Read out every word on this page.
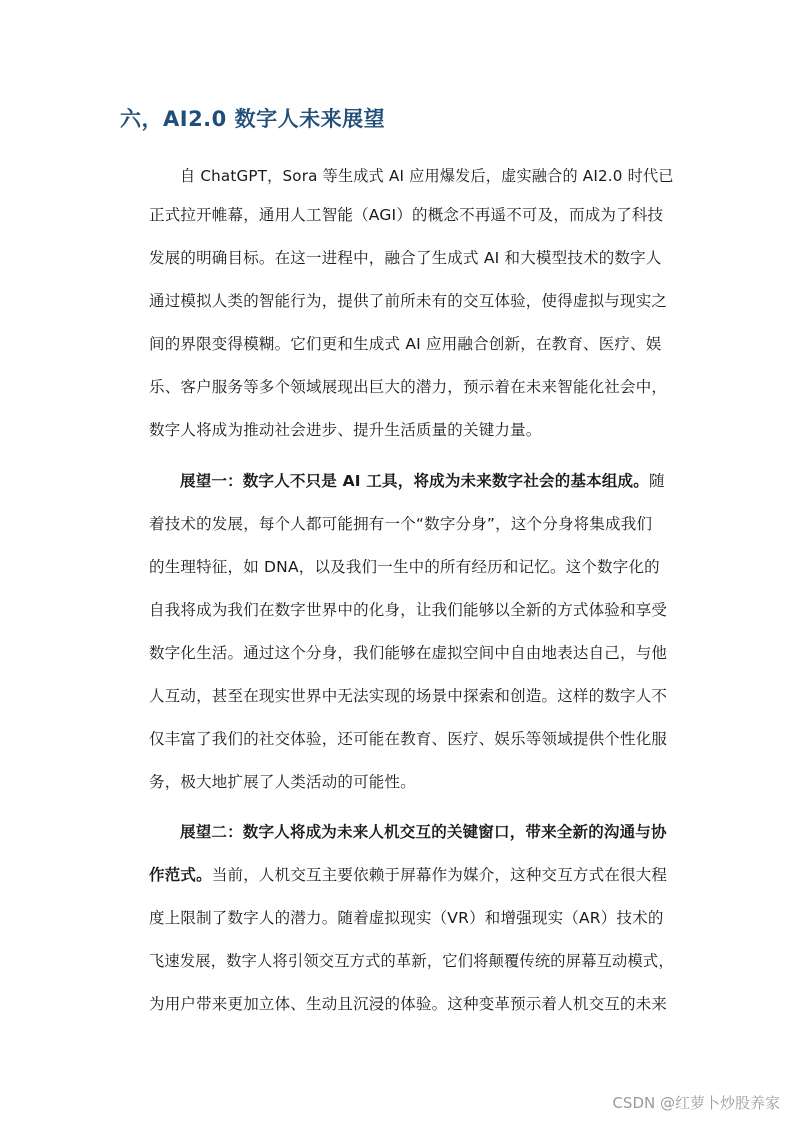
六，AI2.0 数字人未来展望
自 ChatGPT，Sora 等生成式 AI 应用爆发后，虚实融合的 AI2.0 时代已
正式拉开帷幕，通用人工智能（AGI）的概念不再遥不可及，而成为了科技
发展的明确目标。在这一进程中，融合了生成式 AI 和大模型技术的数字人
通过模拟人类的智能行为，提供了前所未有的交互体验，使得虚拟与现实之
间的界限变得模糊。它们更和生成式 AI 应用融合创新，在教育、医疗、娱
乐、客户服务等多个领域展现出巨大的潜力，预示着在未来智能化社会中，
数字人将成为推动社会进步、提升生活质量的关键力量。
展望一：数字人不只是 AI 工具，将成为未来数字社会的基本组成。随
着技术的发展，每个人都可能拥有一个“数字分身”，这个分身将集成我们
的生理特征，如 DNA，以及我们一生中的所有经历和记忆。这个数字化的
自我将成为我们在数字世界中的化身，让我们能够以全新的方式体验和享受
数字化生活。通过这个分身，我们能够在虚拟空间中自由地表达自己，与他
人互动，甚至在现实世界中无法实现的场景中探索和创造。这样的数字人不
仅丰富了我们的社交体验，还可能在教育、医疗、娱乐等领域提供个性化服
务，极大地扩展了人类活动的可能性。
展望二：数字人将成为未来人机交互的关键窗口，带来全新的沟通与协
作范式。当前，人机交互主要依赖于屏幕作为媒介，这种交互方式在很大程
度上限制了数字人的潜力。随着虚拟现实（VR）和增强现实（AR）技术的
飞速发展，数字人将引领交互方式的革新，它们将颠覆传统的屏幕互动模式，
为用户带来更加立体、生动且沉浸的体验。这种变革预示着人机交互的未来
CSDN @红萝卜炒股养家
